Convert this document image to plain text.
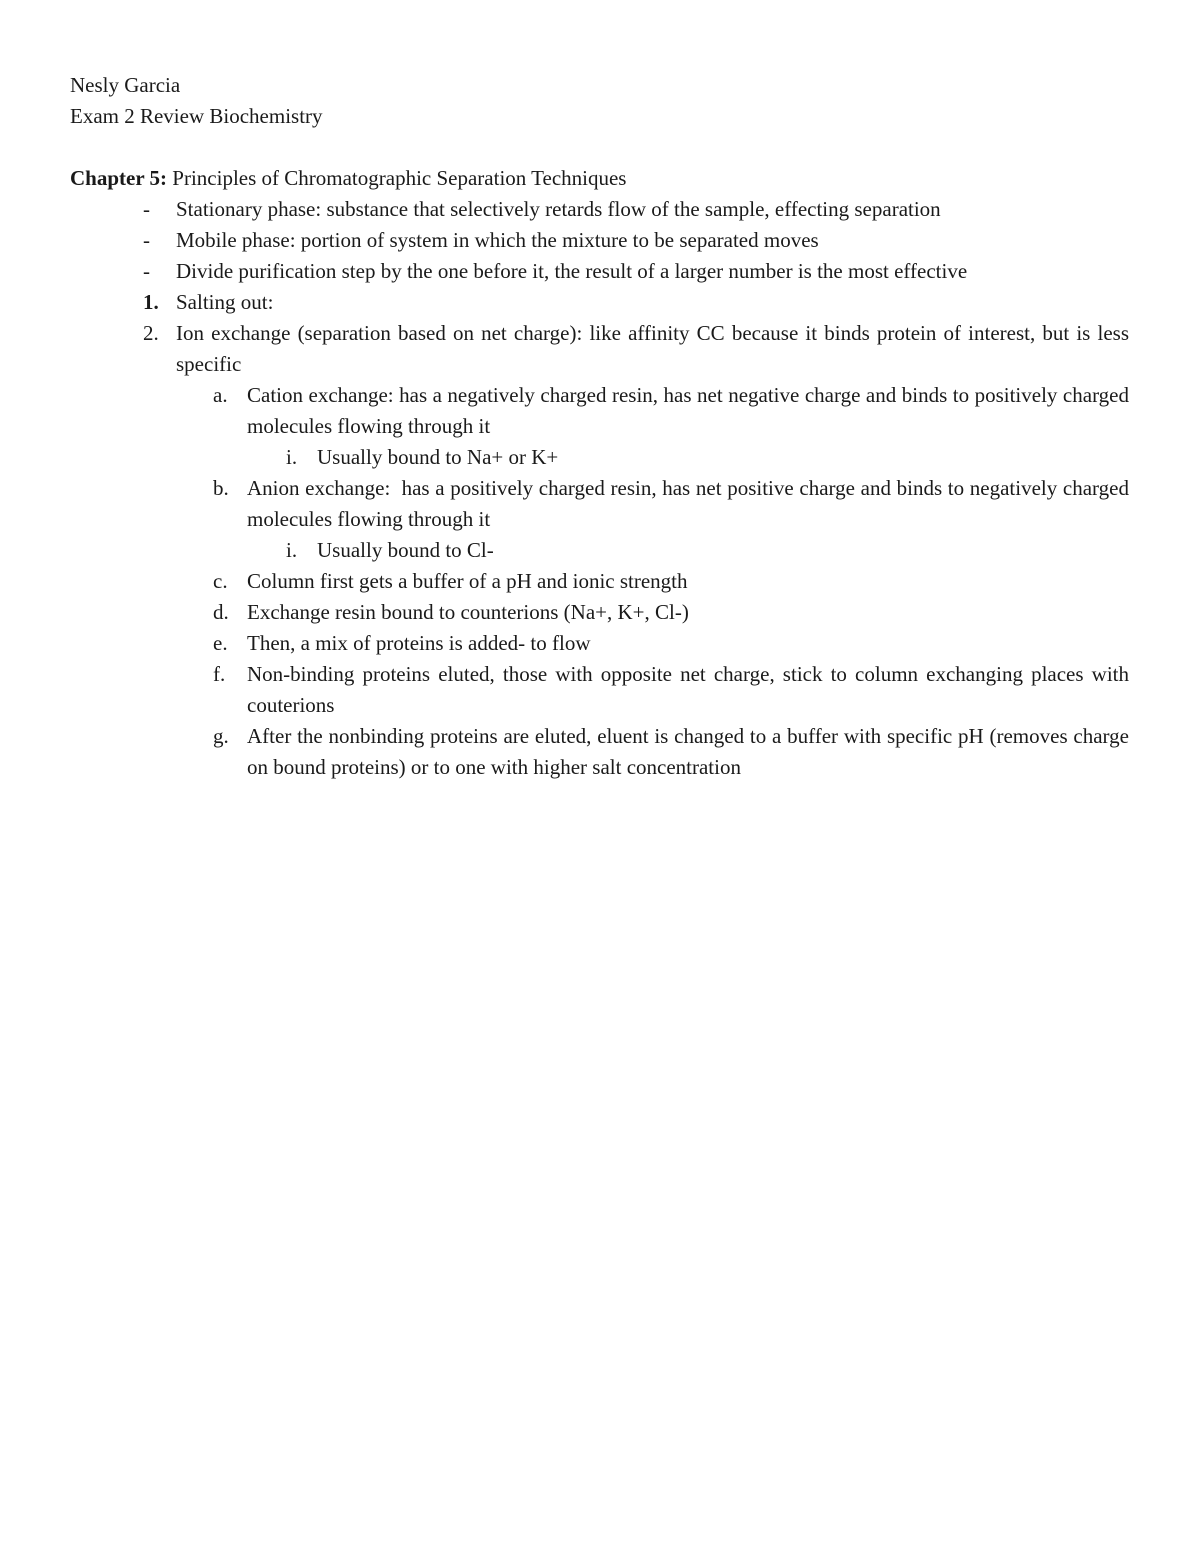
Nesly Garcia
Exam 2 Review Biochemistry
Chapter 5: Principles of Chromatographic Separation Techniques
- Stationary phase: substance that selectively retards flow of the sample, effecting separation
- Mobile phase: portion of system in which the mixture to be separated moves
- Divide purification step by the one before it, the result of a larger number is the most effective
1. Salting out:
2. Ion exchange (separation based on net charge): like affinity CC because it binds protein of interest, but is less specific
a. Cation exchange: has a negatively charged resin, has net negative charge and binds to positively charged molecules flowing through it
i. Usually bound to Na+ or K+
b. Anion exchange:  has a positively charged resin, has net positive charge and binds to negatively charged molecules flowing through it
i. Usually bound to Cl-
c. Column first gets a buffer of a pH and ionic strength
d. Exchange resin bound to counterions (Na+, K+, Cl-)
e. Then, a mix of proteins is added- to flow
f. Non-binding proteins eluted, those with opposite net charge, stick to column exchanging places with couterions
g. After the nonbinding proteins are eluted, eluent is changed to a buffer with specific pH (removes charge on bound proteins) or to one with higher salt concentration
